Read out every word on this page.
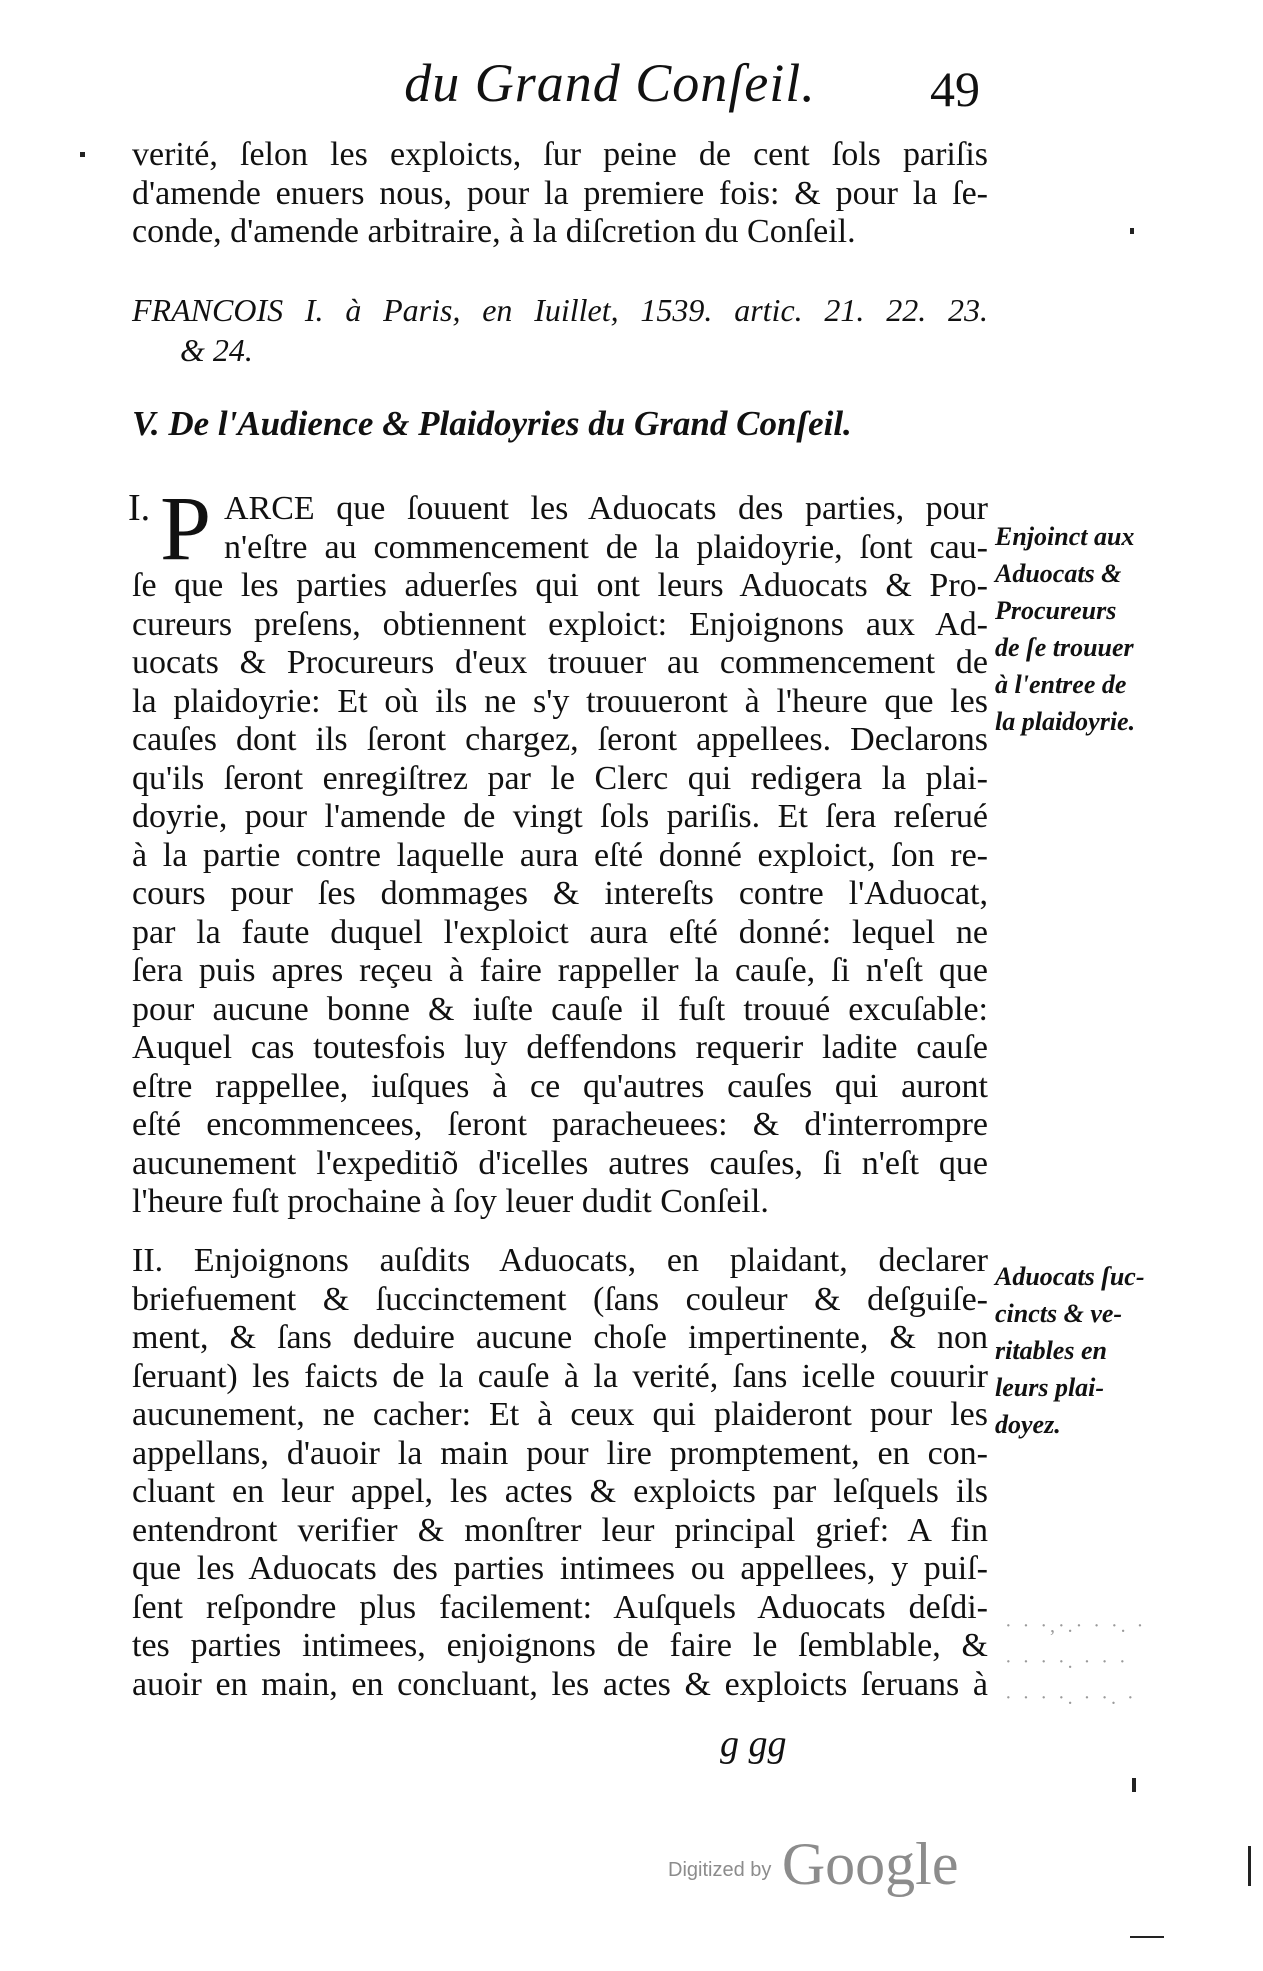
du Grand Conſeil.	49
verité, ſelon les exploicts, ſur peine de cent ſols pariſis
d'amende enuers nous, pour la premiere fois: & pour la ſe-
conde, d'amende arbitraire, à la diſcretion du Conſeil.
FRANCOIS I. à Paris, en Iuillet, 1539. artic. 21. 22. 23.
& 24.
V. De l'Audience & Plaidoyries du Grand Conſeil.
I. P ARCE que ſouuent les Aduocats des parties, pour
n'eſtre au commencement de la plaidoyrie, ſont cau-
ſe que les parties aduerſes qui ont leurs Aduocats & Pro-
cureurs preſens, obtiennent exploict: Enjoignons aux Ad-
uocats & Procureurs d'eux trouuer au commencement de
la plaidoyrie: Et où ils ne s'y trouueront à l'heure que les
cauſes dont ils ſeront chargez, ſeront appellees. Declarons
qu'ils ſeront enregiſtrez par le Clerc qui redigera la plai-
doyrie, pour l'amende de vingt ſols pariſis. Et ſera reſerué
à la partie contre laquelle aura eſté donné exploict, ſon re-
cours pour ſes dommages & intereſts contre l'Aduocat,
par la faute duquel l'exploict aura eſté donné: lequel ne
ſera puis apres reçeu à faire rappeller la cauſe, ſi n'eſt que
pour aucune bonne & iuſte cauſe il fuſt trouué excuſable:
Auquel cas toutesfois luy deffendons requerir ladite cauſe
eſtre rappellee, iuſques à ce qu'autres cauſes qui auront
eſté encommencees, ſeront paracheuees: & d'interrompre
aucunement l'expeditiõ d'icelles autres cauſes, ſi n'eſt que
l'heure fuſt prochaine à ſoy leuer dudit Conſeil.
II. Enjoignons auſdits Aduocats, en plaidant, declarer
briefuement & ſuccinctement (ſans couleur & deſguiſe-
ment, & ſans deduire aucune choſe impertinente, & non
ſeruant) les faicts de la cauſe à la verité, ſans icelle couurir
aucunement, ne cacher: Et à ceux qui plaideront pour les
appellans, d'auoir la main pour lire promptement, en con-
cluant en leur appel, les actes & exploicts par leſquels ils
entendront verifier & monſtrer leur principal grief: A fin
que les Aduocats des parties intimees ou appellees, y puiſ-
ſent reſpondre plus facilement: Auſquels Aduocats deſdi-
tes parties intimees, enjoignons de faire le ſemblable, &
auoir en main, en concluant, les actes & exploicts ſeruans à
Enjoinct aux
Aduocats &
Procureurs
de ſe trouuer
à l'entree de
la plaidoyrie.
Aduocats ſuc-
cincts & ve-
ritables en
leurs plai-
doyez.
· · ·,·.· · ·. ·
· · · ·. · · ·
· · · ·. · ·. ·
g gg
Digitized by Google
